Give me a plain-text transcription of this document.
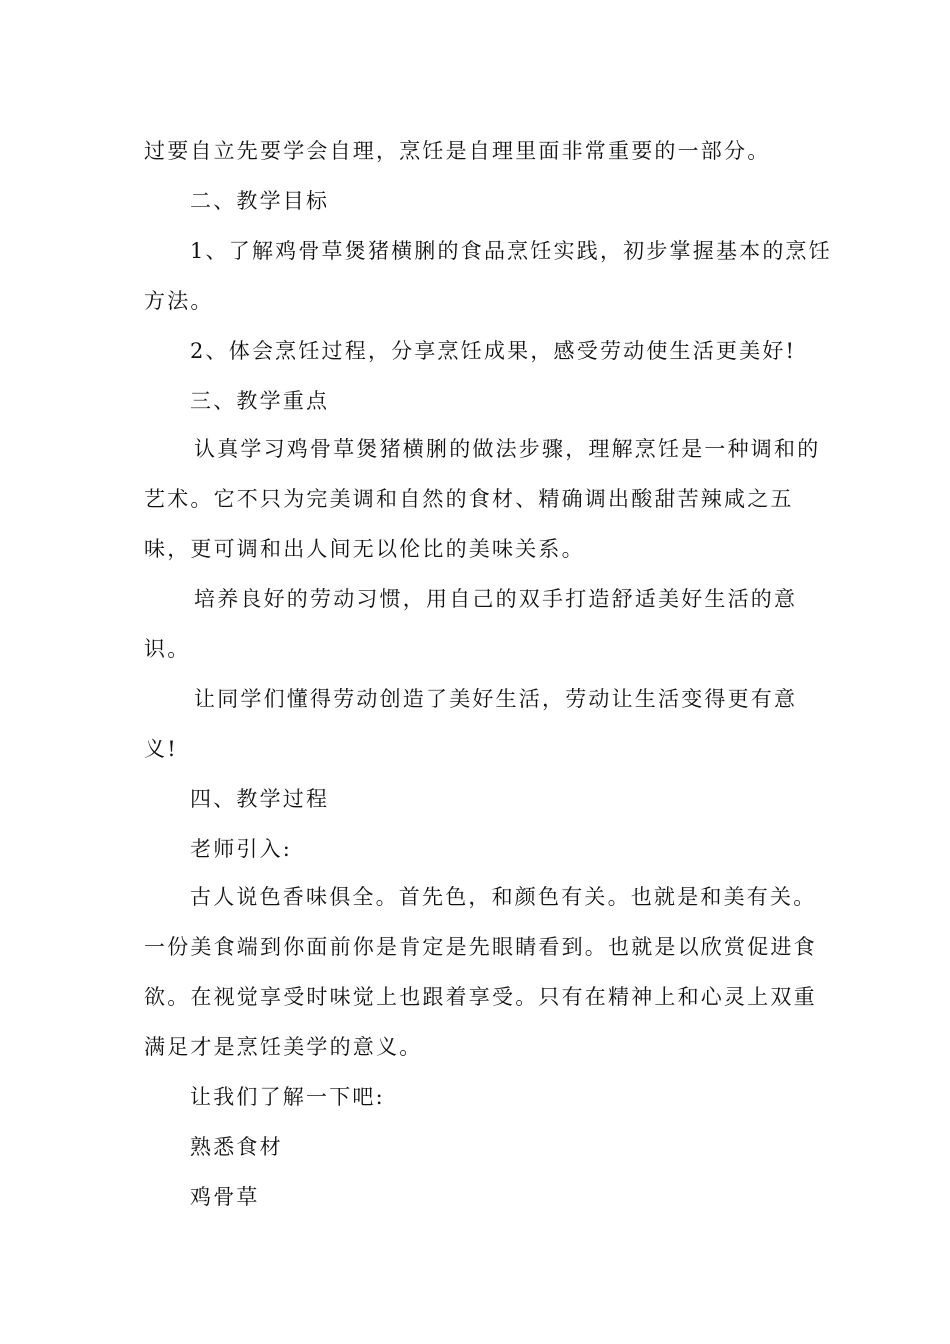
过要自立先要学会自理，烹饪是自理里面非常重要的一部分。
二、教学目标
1、了解鸡骨草煲猪横脷的食品烹饪实践，初步掌握基本的烹饪
方法。
2、体会烹饪过程，分享烹饪成果，感受劳动使生活更美好!
三、教学重点
认真学习鸡骨草煲猪横脷的做法步骤，理解烹饪是一种调和的
艺术。它不只为完美调和自然的食材、精确调出酸甜苦辣咸之五
味，更可调和出人间无以伦比的美味关系。
培养良好的劳动习惯，用自己的双手打造舒适美好生活的意
识。
让同学们懂得劳动创造了美好生活，劳动让生活变得更有意
义!
四、教学过程
老师引入:
古人说色香味俱全。首先色，和颜色有关。也就是和美有关。
一份美食端到你面前你是肯定是先眼睛看到。也就是以欣赏促进食
欲。在视觉享受时味觉上也跟着享受。只有在精神上和心灵上双重
满足才是烹饪美学的意义。
让我们了解一下吧:
熟悉食材
鸡骨草
